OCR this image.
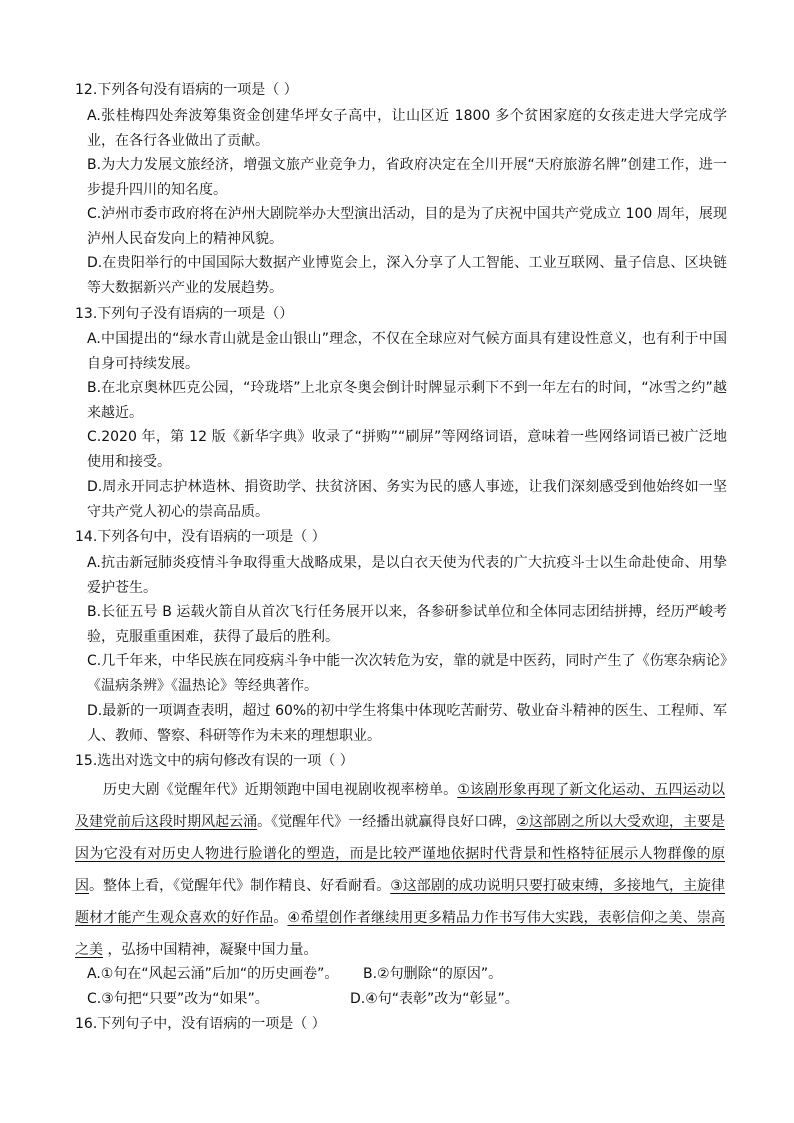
12.下列各句没有语病的一项是（ ）
A.张桂梅四处奔波筹集资金创建华坪女子高中，让山区近 1800 多个贫困家庭的女孩走进大学完成学业，在各行各业做出了贡献。
B.为大力发展文旅经济，增强文旅产业竞争力，省政府决定在全川开展“天府旅游名牌”创建工作，进一步提升四川的知名度。
C.泸州市委市政府将在泸州大剧院举办大型演出活动，目的是为了庆祝中国共产党成立 100 周年，展现泸州人民奋发向上的精神风貌。
D.在贵阳举行的中国国际大数据产业博览会上，深入分享了人工智能、工业互联网、量子信息、区块链等大数据新兴产业的发展趋势。
13.下列句子没有语病的一项是（）
A.中国提出的“绿水青山就是金山银山”理念，不仅在全球应对气候方面具有建设性意义，也有利于中国自身可持续发展。
B.在北京奥林匹克公园，“玲珑塔”上北京冬奥会倒计时牌显示剩下不到一年左右的时间，“冰雪之约”越来越近。
C.2020 年，第 12 版《新华字典》收录了“拼购”“刷屏”等网络词语，意味着一些网络词语已被广泛地使用和接受。
D.周永开同志护林造林、捐资助学、扶贫济困、务实为民的感人事迹，让我们深刻感受到他始终如一坚守共产党人初心的崇高品质。
14.下列各句中，没有语病的一项是（ ）
A.抗击新冠肺炎疫情斗争取得重大战略成果，是以白衣天使为代表的广大抗疫斗士以生命赴使命、用挚爱护苍生。
B.长征五号 B 运载火箭自从首次飞行任务展开以来，各参研参试单位和全体同志团结拼搏，经历严峻考验，克服重重困难，获得了最后的胜利。
C.几千年来，中华民族在同疫病斗争中能一次次转危为安，靠的就是中医药，同时产生了《伤寒杂病论》《温病条辨》《温热论》等经典著作。
D.最新的一项调查表明，超过 60%的初中学生将集中体现吃苦耐劳、敬业奋斗精神的医生、工程师、军人、教师、警察、科研等作为未来的理想职业。
15.选出对选文中的病句修改有误的一项（ ）
历史大剧《觉醒年代》近期领跑中国电视剧收视率榜单。①该剧形象再现了新文化运动、五四运动以及建党前后这段时期风起云涌。《觉醒年代》一经播出就赢得良好口碑，②这部剧之所以大受欢迎，主要是因为它没有对历史人物进行脸谱化的塑造，而是比较严谨地依据时代背景和性格特征展示人物群像的原因。整体上看，《觉醒年代》制作精良、好看耐看。③这部剧的成功说明只要打破束缚，多接地气，主旋律题材才能产生观众喜欢的好作品。④希望创作者继续用更多精品力作书写伟大实践，表彰信仰之美、崇高之美 ，弘扬中国精神，凝聚中国力量。
A.①句在“风起云涌”后加“的历史画卷”。 B.②句删除“的原因”。
C.③句把“只要”改为“如果”。	D.④句“表彰”改为“彰显”。
16.下列句子中，没有语病的一项是（ ）
